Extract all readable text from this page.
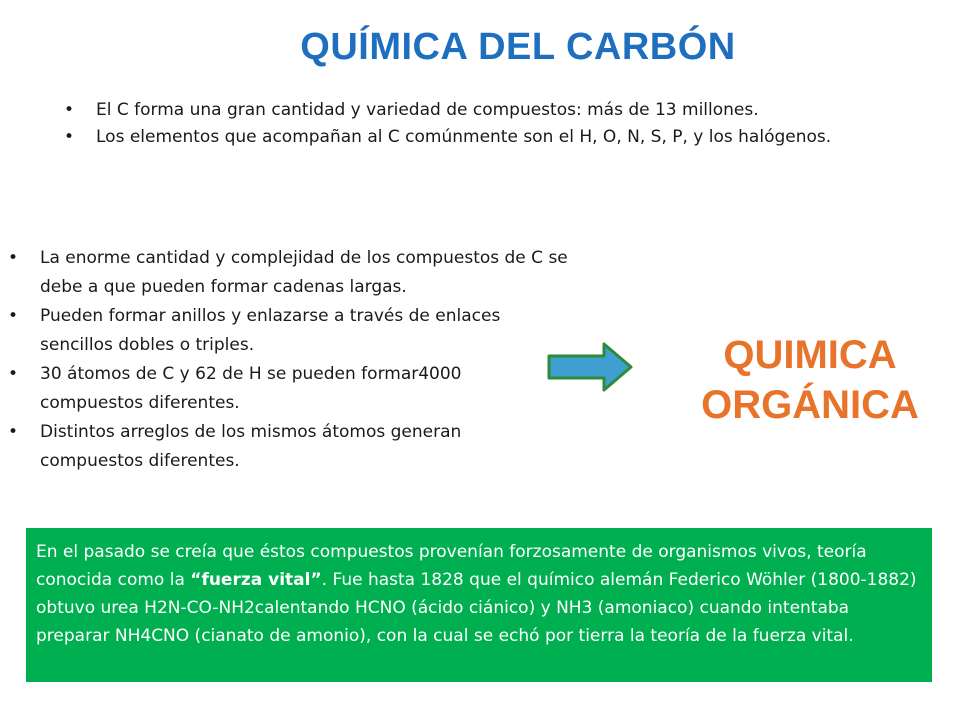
QUÍMICA DEL CARBÓN
• El C forma una gran cantidad y variedad de compuestos: más de 13 millones.
• Los elementos que acompañan al C comúnmente son el H, O, N, S, P, y los halógenos.
• La enorme cantidad y complejidad de los compuestos de C se debe a que pueden formar cadenas largas.
• Pueden formar anillos y enlazarse a través de enlaces sencillos dobles o triples.
• 30 átomos de C y 62 de H se pueden formar4000 compuestos diferentes.
• Distintos arreglos de los mismos átomos generan compuestos diferentes.
QUIMICA
ORGÁNICA
En el pasado se creía que éstos compuestos provenían forzosamente de organismos vivos, teoría conocida como la “fuerza vital”. Fue hasta 1828 que el químico alemán Federico Wöhler (1800-1882) obtuvo urea H2N-CO-NH2calentando HCNO (ácido ciánico) y NH3 (amoniaco) cuando intentaba preparar NH4CNO (cianato de amonio), con la cual se echó por tierra la teoría de la fuerza vital.
